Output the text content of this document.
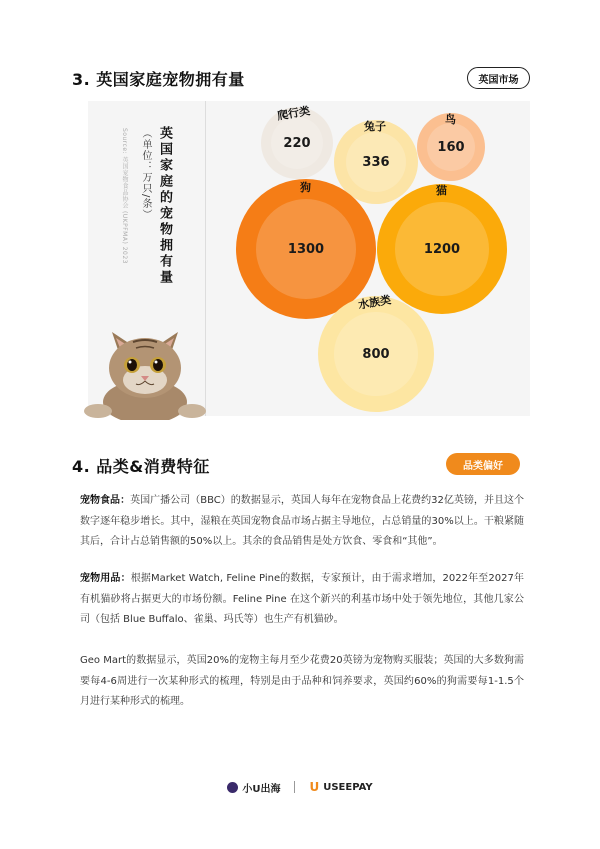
3. 英国家庭宠物拥有量	英国市场
英国家庭的宠物拥有量
（单位：万只/条）
Source: 英国宠物食品协会 (UKPFMA) 2023	220
爬行类
336
兔子
160
鸟
1300
狗
1200
猫
800
水族类
4. 品类&消费特征	品类偏好

宠物食品：英国广播公司（BBC）的数据显示，英国人每年在宠物食品上花费约32亿英镑，并且这个数字逐年稳步增长。其中，湿粮在英国宠物食品市场占据主导地位，占总销量的30%以上。干粮紧随其后，合计占总销售额的50%以上。其余的食品销售是处方饮食、零食和“其他”。

宠物用品：根据Market Watch, Feline Pine的数据，专家预计，由于需求增加，2022年至2027年有机猫砂将占据更大的市场份额。Feline Pine 在这个新兴的利基市场中处于领先地位，其他几家公司（包括 Blue Buffalo、雀巢、玛氏等）也生产有机猫砂。

Geo Mart的数据显示，英国20%的宠物主每月至少花费20英镑为宠物购买服装；英国的大多数狗需要每4-6周进行一次某种形式的梳理，特别是由于品种和饲养要求，英国约60%的狗需要每1-1.5个月进行某种形式的梳理。

小U出海 U USEEPAY
